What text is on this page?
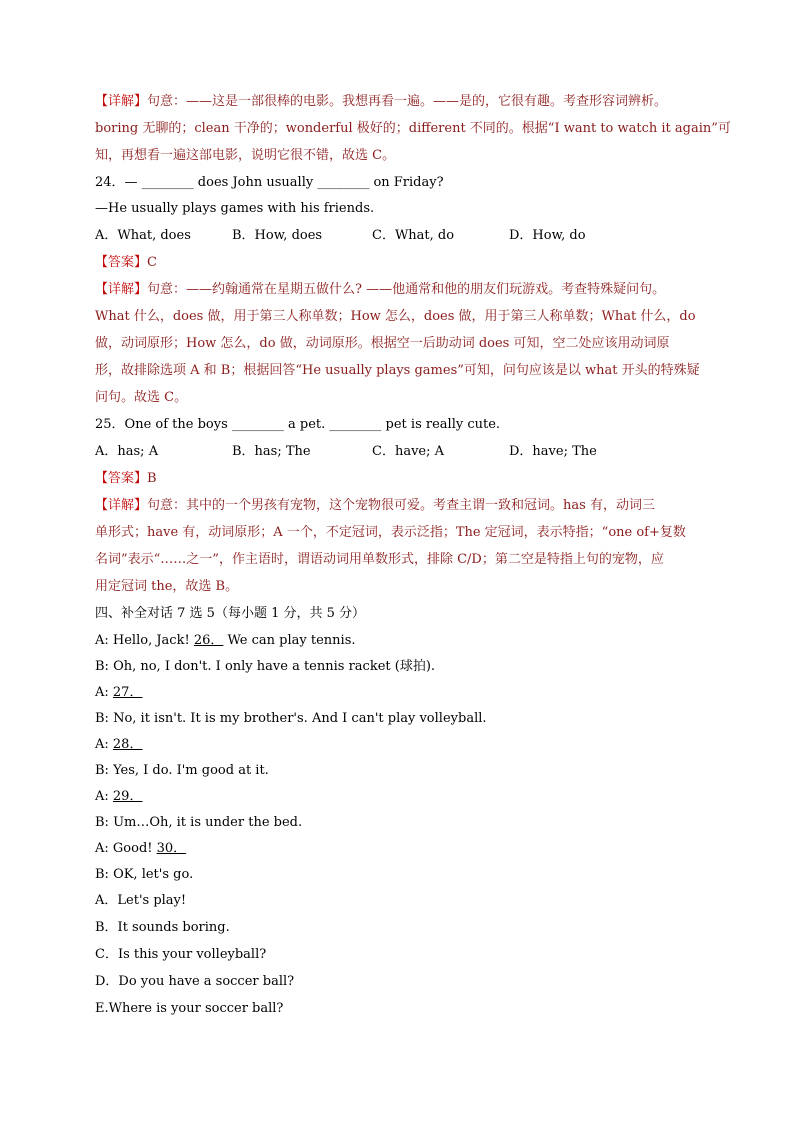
【详解】句意：——这是一部很棒的电影。我想再看一遍。——是的，它很有趣。考查形容词辨析。
boring 无聊的；clean 干净的；wonderful 极好的；different 不同的。根据“I want to watch it again”可
知，再想看一遍这部电影，说明它很不错，故选 C。
24．— ________ does John usually ________ on Friday?
—He usually plays games with his friends.
A．What, does	B．How, does	C．What, do	D．How, do
【答案】C
【详解】句意：——约翰通常在星期五做什么? ——他通常和他的朋友们玩游戏。考查特殊疑问句。
What 什么，does 做，用于第三人称单数；How 怎么，does 做，用于第三人称单数；What 什么，do
做，动词原形；How 怎么，do 做，动词原形。根据空一后助动词 does 可知，空二处应该用动词原
形，故排除选项 A 和 B；根据回答“He usually plays games”可知，问句应该是以 what 开头的特殊疑
问句。故选 C。
25．One of the boys ________ a pet. ________ pet is really cute.
A．has; A	B．has; The	C．have; A	D．have; The
【答案】B
【详解】句意：其中的一个男孩有宠物，这个宠物很可爱。考查主谓一致和冠词。has 有，动词三
单形式；have 有，动词原形；A 一个，不定冠词，表示泛指；The 定冠词，表示特指；“one of+复数
名词”表示“……之一”，作主语时，谓语动词用单数形式，排除 C/D；第二空是特指上句的宠物，应
用定冠词 the，故选 B。
四、补全对话 7 选 5（每小题 1 分，共 5 分）
A: Hello, Jack! 26． We can play tennis.
B: Oh, no, I don't. I only have a tennis racket (球拍).
A: 27．
B: No, it isn't. It is my brother's. And I can't play volleyball.
A: 28．
B: Yes, I do. I'm good at it.
A: 29．
B: Um…Oh, it is under the bed.
A: Good! 30．
B: OK, let's go.
A．Let's play!
B．It sounds boring.
C．Is this your volleyball?
D．Do you have a soccer ball?
E.Where is your soccer ball?
